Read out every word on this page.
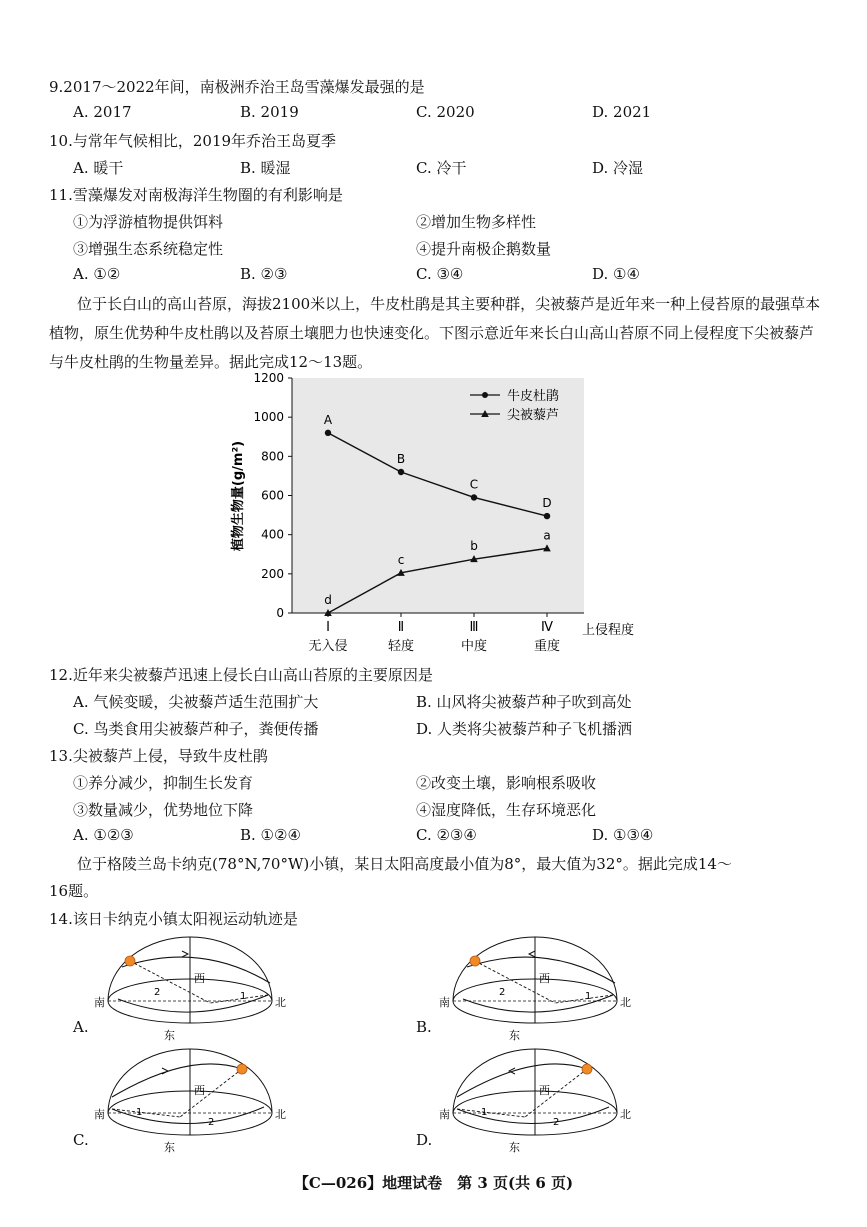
9.2017～2022年间，南极洲乔治王岛雪藻爆发最强的是
A. 2017	B. 2019	C. 2020	D. 2021
10.与常年气候相比，2019年乔治王岛夏季
A. 暖干	B. 暖湿	C. 冷干	D. 冷湿
11.雪藻爆发对南极海洋生物圈的有利影响是
①为浮游植物提供饵料	②增加生物多样性
③增强生态系统稳定性	④提升南极企鹅数量
A. ①②	B. ②③	C. ③④	D. ①④
位于长白山的高山苔原，海拔2100米以上，牛皮杜鹃是其主要种群，尖被藜芦是近年来一种上侵苔原的最强草本植物，原生优势种牛皮杜鹃以及苔原土壤肥力也快速变化。下图示意近年来长白山高山苔原不同上侵程度下尖被藜芦与牛皮杜鹃的生物量差异。据此完成12～13题。
0
200
400
600
800
1000
1200
Ⅰ
无入侵
Ⅱ
轻度
Ⅲ
中度
Ⅳ
重度
植物生物量(g/m²)
上侵程度
A
B
C
D
d
c
b
a
牛皮杜鹃
尖被藜芦
12.近年来尖被藜芦迅速上侵长白山高山苔原的主要原因是
A. 气候变暖，尖被藜芦适生范围扩大	B. 山风将尖被藜芦种子吹到高处
C. 鸟类食用尖被藜芦种子，粪便传播	D. 人类将尖被藜芦种子飞机播洒
13.尖被藜芦上侵，导致牛皮杜鹃
①养分减少，抑制生长发育	②改变土壤，影响根系吸收
③数量减少，优势地位下降	④湿度降低，生存环境恶化
A. ①②③	B. ①②④	C. ②③④	D. ①③④
位于格陵兰岛卡纳克(78°N,70°W)小镇，某日太阳高度最小值为8°，最大值为32°。据此完成14～
16题。
14.该日卡纳克小镇太阳视运动轨迹是
A.	B.
C.	D.
南	北
东
西
2	1	南	北
东
西
2	1
南	北
东
西
2
1	南	北
东
西
2
1
【C—026】地理试卷　第 3 页(共 6 页)
